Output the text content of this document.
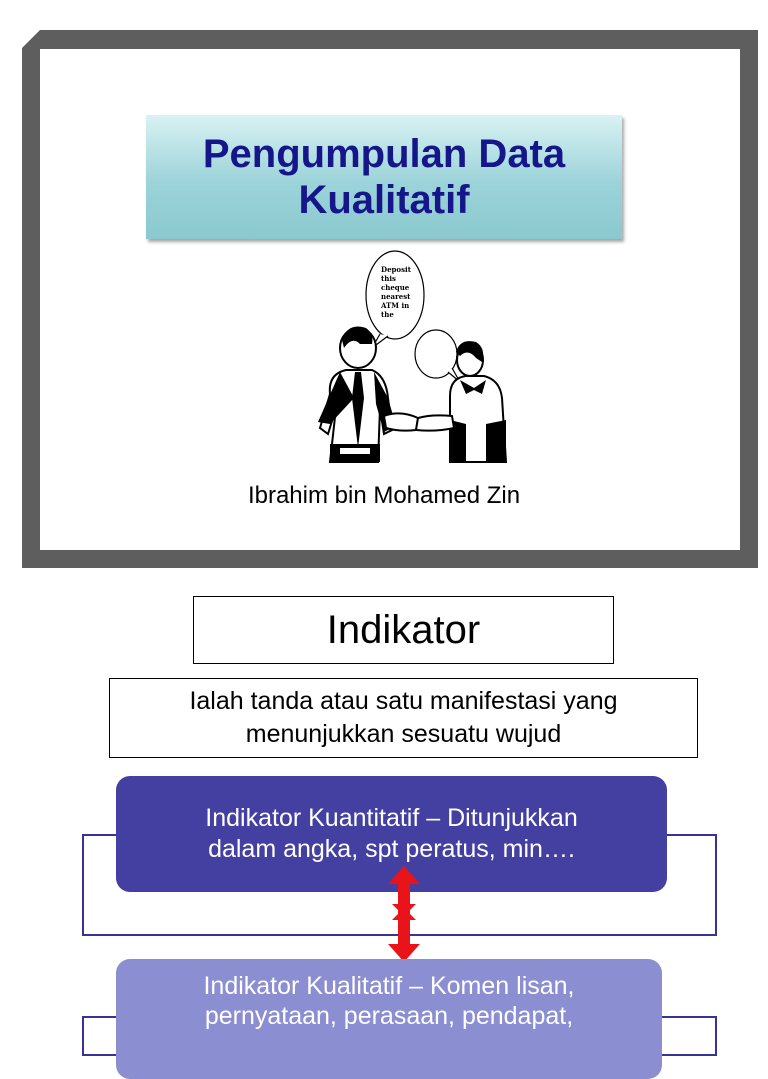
Pengumpulan Data
Kualitatif
Deposit
this
cheque
nearest
ATM in
the
Ibrahim bin Mohamed Zin
Indikator
Ialah tanda atau satu manifestasi yang
menunjukkan sesuatu wujud
Indikator Kuantitatif – Ditunjukkan
dalam angka, spt peratus, min….
Indikator Kualitatif – Komen lisan,
pernyataan, perasaan, pendapat,
